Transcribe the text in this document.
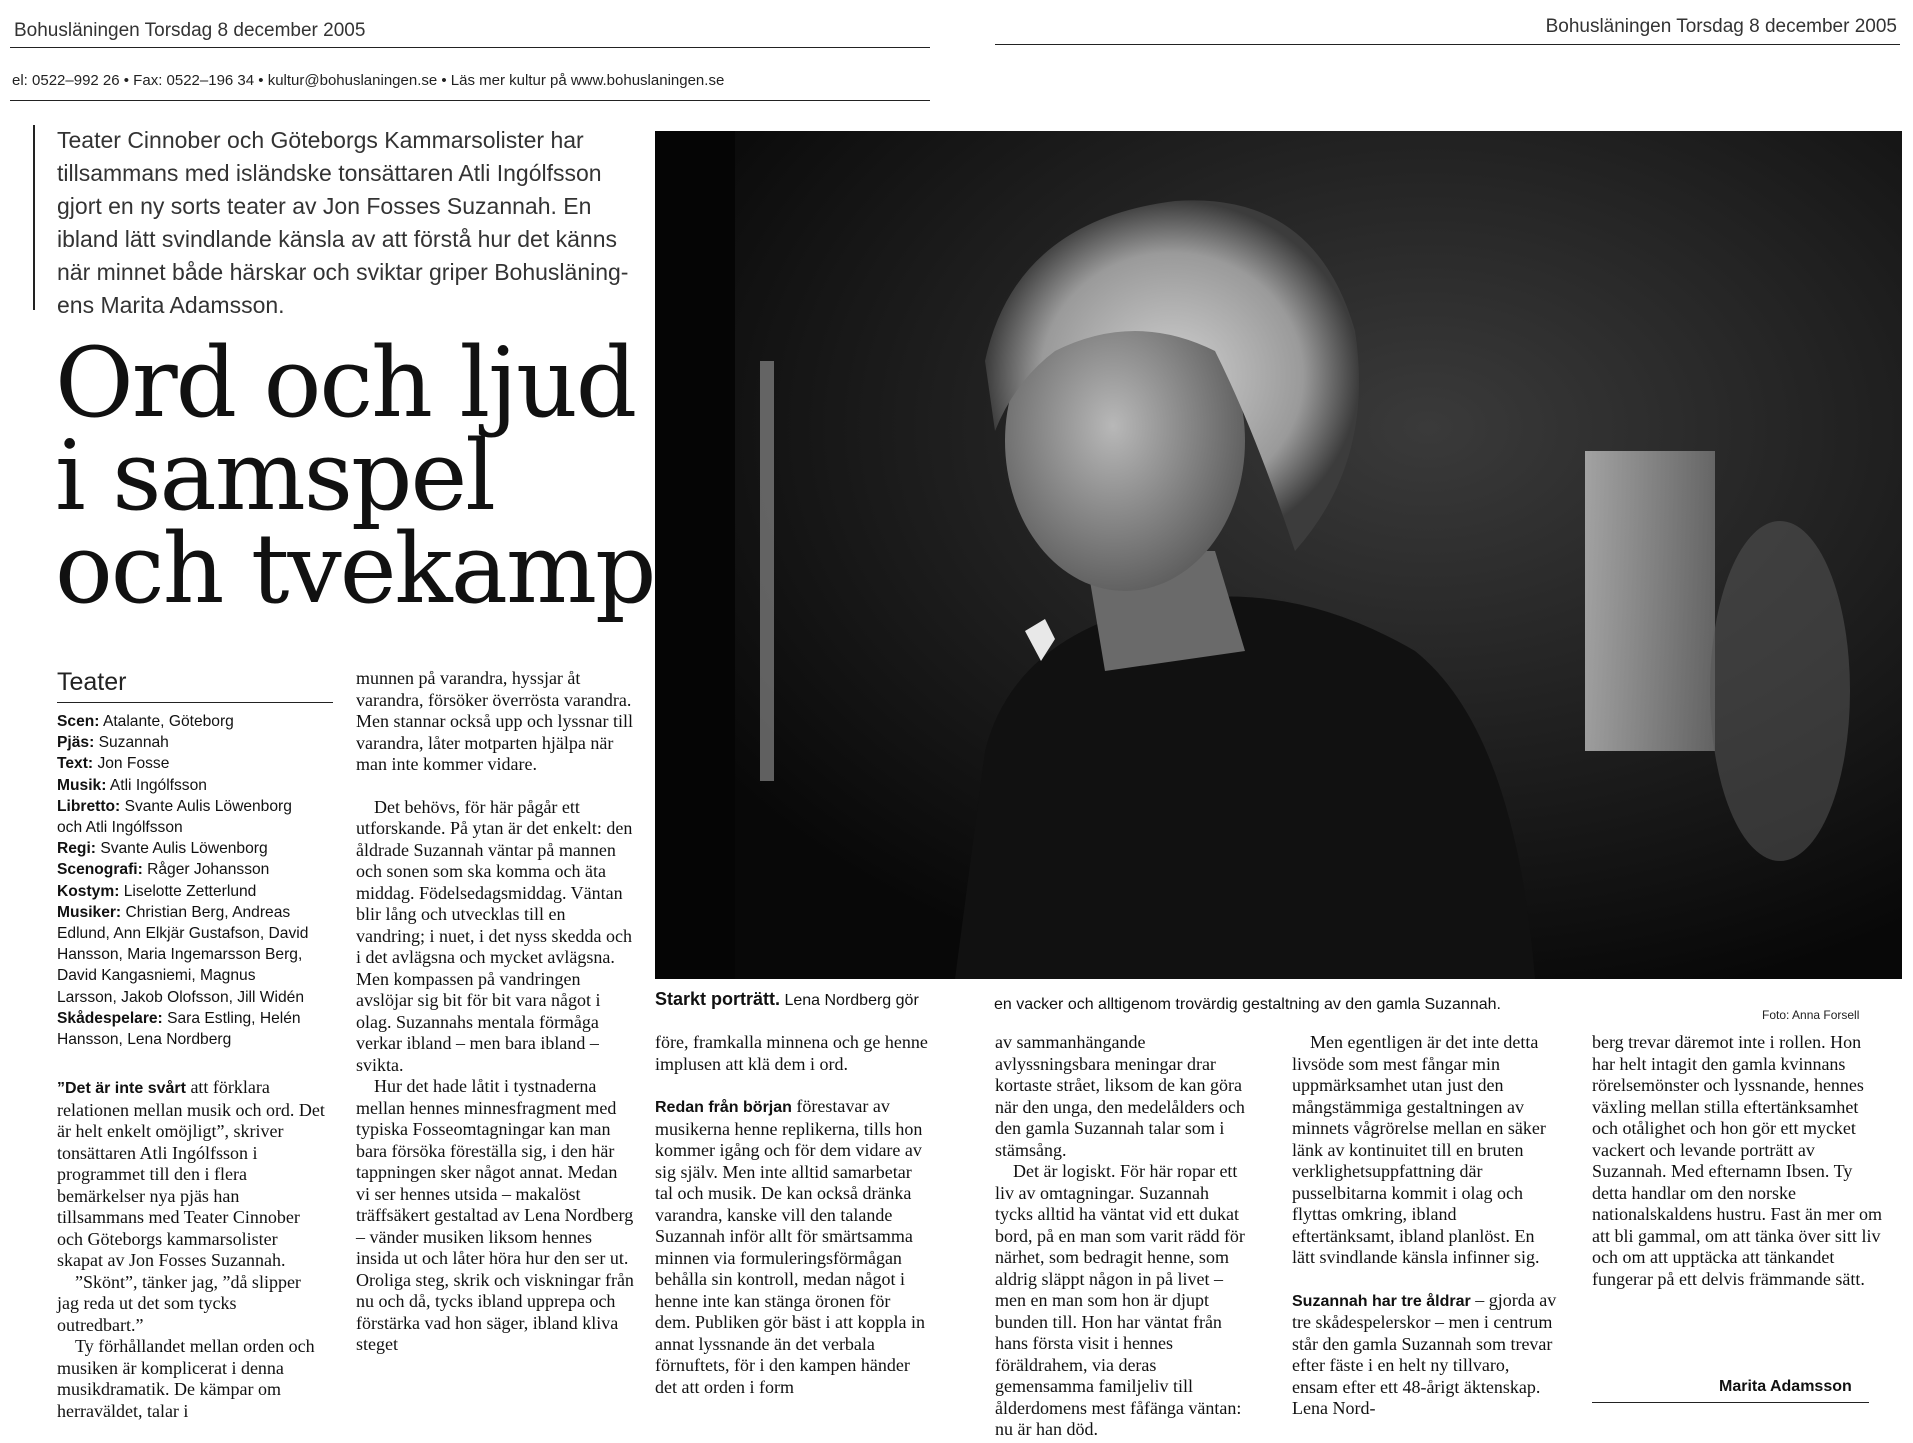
Bohusläningen Torsdag 8 december 2005	Bohusläningen Torsdag 8 december 2005
el: 0522–992 26 • Fax: 0522–196 34 • kultur@bohuslaningen.se • Läs mer kultur på www.bohuslaningen.se
Teater Cinnober och Göteborgs Kammarsolister har
tillsammans med isländske tonsättaren Atli Ingólfsson
gjort en ny sorts teater av Jon Fosses Suzannah. En
ibland lätt svindlande känsla av att förstå hur det känns
när minnet både härskar och sviktar griper Bohusläning-
ens Marita Adamsson.
Ord och ljud
i samspel
och tvekamp
Starkt porträtt. Lena Nordberg gör	en vacker och alltigenom trovärdig gestaltning av den gamla Suzannah.
Foto: Anna Forsell
Teater
Scen: Atalante, Göteborg
Pjäs: Suzannah
Text: Jon Fosse
Musik: Atli Ingólfsson
Libretto: Svante Aulis Löwenborg
och Atli Ingólfsson
Regi: Svante Aulis Löwenborg
Scenografi: Råger Johansson
Kostym: Liselotte Zetterlund
Musiker: Christian Berg, Andreas
Edlund, Ann Elkjär Gustafson, David
Hansson, Maria Ingemarsson Berg,
David Kangasniemi, Magnus
Larsson, Jakob Olofsson, Jill Widén
Skådespelare: Sara Estling, Helén
Hansson, Lena Nordberg

”Det är inte svårt att förklara relationen mellan musik och ord. Det är helt enkelt omöjligt”, skriver tonsättaren Atli Ingólfsson i programmet till den i flera bemärkelser nya pjäs han tillsammans med Teater Cinnober och Göteborgs kammarsolister skapat av Jon Fosses Suzannah.

”Skönt”, tänker jag, ”då slipper jag reda ut det som tycks outredbart.”

Ty förhållandet mellan orden och musiken är komplicerat i denna musikdramatik. De kämpar om herraväldet, talar i

munnen på varandra, hyssjar åt varandra, försöker överrösta varandra. Men stannar också upp och lyssnar till varandra, låter motparten hjälpa när man inte kommer vidare.

Det behövs, för här pågår ett utforskande. På ytan är det enkelt: den åldrade Suzannah väntar på mannen och sonen som ska komma och äta middag. Födelsedagsmiddag. Väntan blir lång och utvecklas till en vandring; i nuet, i det nyss skedda och i det avlägsna och mycket avlägsna. Men kompassen på vandringen avslöjar sig bit för bit vara något i olag. Suzannahs mentala förmåga verkar ibland – men bara ibland – svikta.

Hur det hade låtit i tystnaderna mellan hennes minnesfragment med typiska Fosseomtagningar kan man bara försöka föreställa sig, i den här tappningen sker något annat. Medan vi ser hennes utsida – makalöst träffsäkert gestaltad av Lena Nordberg – vänder musiken liksom hennes insida ut och låter höra hur den ser ut. Oroliga steg, skrik och viskningar från nu och då, tycks ibland upprepa och förstärka vad hon säger, ibland kliva steget

före, framkalla minnena och ge henne implusen att klä dem i ord.

Redan från början förestavar av musikerna henne replikerna, tills hon kommer igång och för dem vidare av sig själv. Men inte alltid samarbetar tal och musik. De kan också dränka varandra, kanske vill den talande Suzannah inför allt för smärtsamma minnen via formuleringsförmågan behålla sin kontroll, medan något i henne inte kan stänga öronen för dem. Publiken gör bäst i att koppla in annat lyssnande än det verbala förnuftets, för i den kampen händer det att orden i form

av sammanhängande avlyssningsbara meningar drar kortaste strået, liksom de kan göra när den unga, den medelålders och den gamla Suzannah talar som i stämsång.

Det är logiskt. För här ropar ett liv av omtagningar. Suzannah tycks alltid ha väntat vid ett dukat bord, på en man som varit rädd för närhet, som bedragit henne, som aldrig släppt någon in på livet – men en man som hon är djupt bunden till. Hon har väntat från hans första visit i hennes föräldrahem, via deras gemensamma familjeliv till ålderdomens mest fåfänga väntan: nu är han död.

Men egentligen är det inte detta livsöde som mest fångar min uppmärksamhet utan just den mångstämmiga gestaltningen av minnets vågrörelse mellan en säker länk av kontinuitet till en bruten verklighetsuppfattning där pusselbitarna kommit i olag och flyttas omkring, ibland eftertänksamt, ibland planlöst. En lätt svindlande känsla infinner sig.

Suzannah har tre åldrar – gjorda av tre skådespelerskor – men i centrum står den gamla Suzannah som trevar efter fäste i en helt ny tillvaro, ensam efter ett 48-årigt äktenskap. Lena Nord-

berg trevar däremot inte i rollen. Hon har helt intagit den gamla kvinnans rörelsemönster och lyssnande, hennes växling mellan stilla eftertänksamhet och otålighet och hon gör ett mycket vackert och levande porträtt av Suzannah. Med efternamn Ibsen. Ty detta handlar om den norske nationalskaldens hustru. Fast än mer om att bli gammal, om att tänka över sitt liv och om att upptäcka att tänkandet fungerar på ett delvis främmande sätt.

Marita Adamsson
